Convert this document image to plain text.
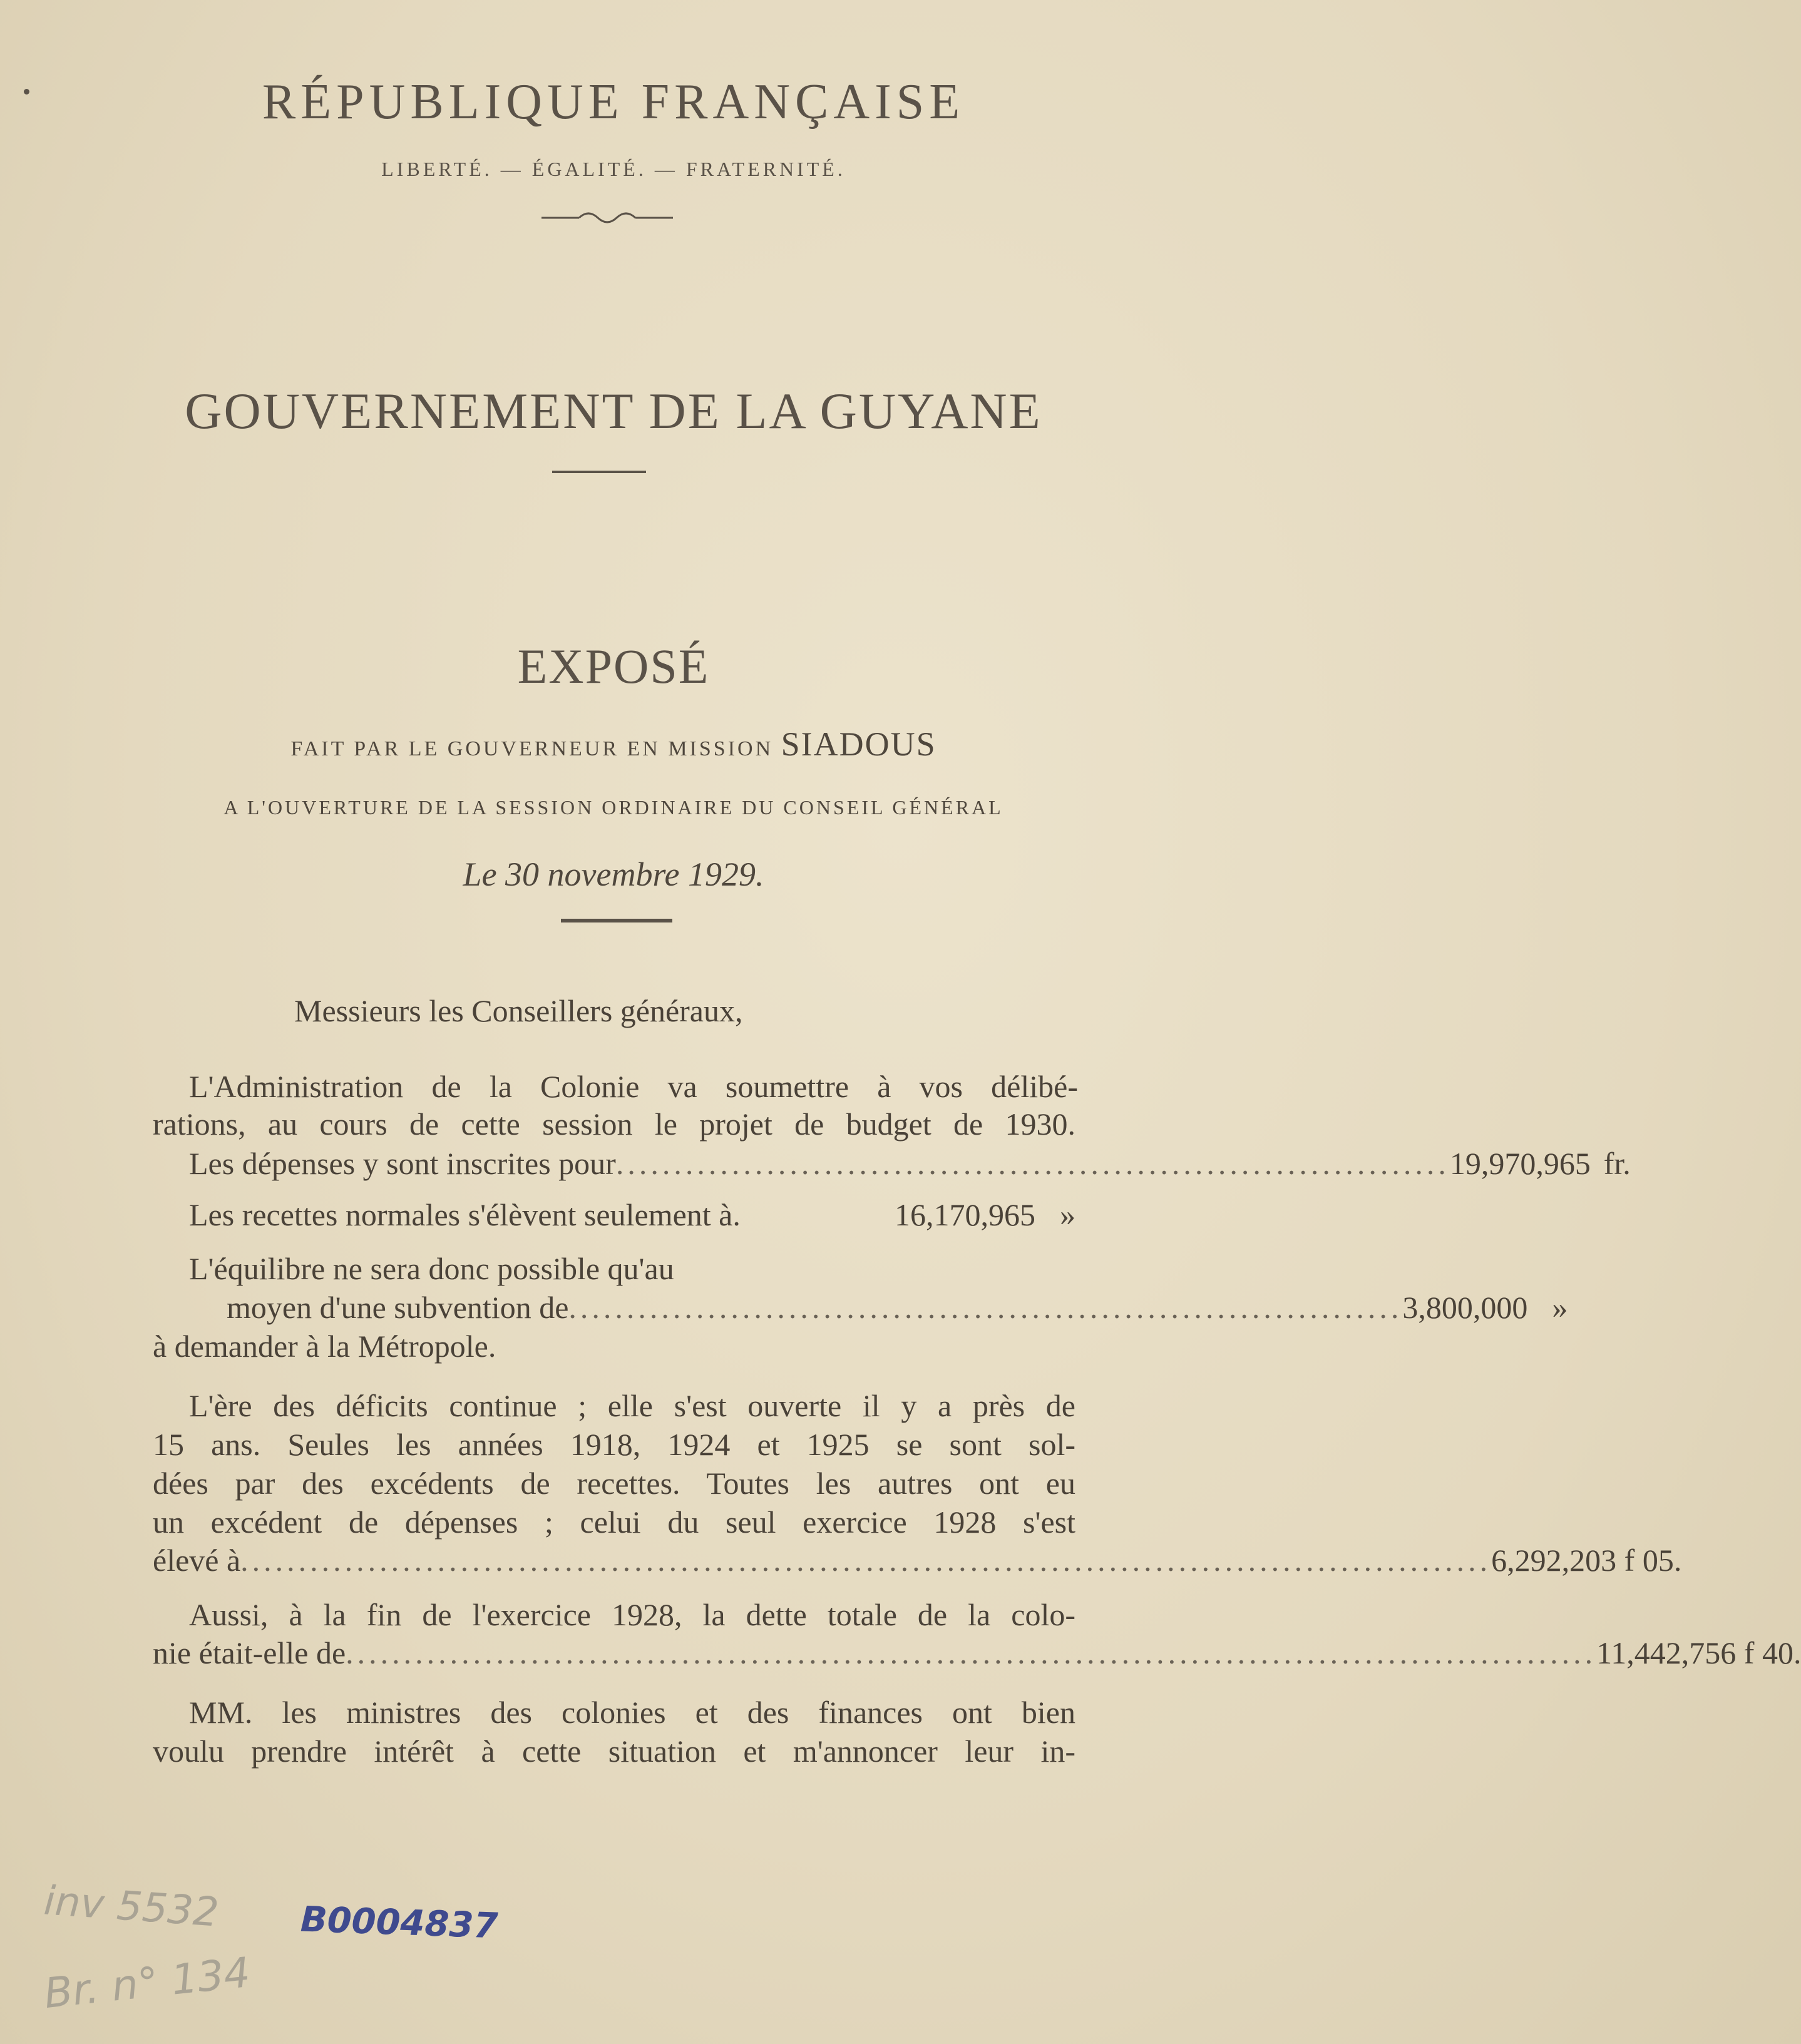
RÉPUBLIQUE FRANÇAISE
LIBERTÉ. — ÉGALITÉ. — FRATERNITÉ.
GOUVERNEMENT DE LA GUYANE
EXPOSÉ
FAIT PAR LE GOUVERNEUR EN MISSION SIADOUS
A L'OUVERTURE DE LA SESSION ORDINAIRE DU CONSEIL GÉNÉRAL
Le 30 novembre 1929.
Messieurs les Conseillers généraux,
L'Administration de la Colonie va soumettre à vos délibé-
rations, au cours de cette session le projet de budget de 1930.
Les dépenses y sont inscrites pour ........................................................................ 19,970,965 fr.
Les recettes normales s'élèvent seulement à.
	16,170,965 »
L'équilibre ne sera donc possible qu'au
moyen d'une subvention de ........................................................................ 3,800,000 »
à demander à la Métropole.
L'ère des déficits continue ; elle s'est ouverte il y a près de
15 ans. Seules les années 1918, 1924 et 1925 se sont sol-
dées par des excédents de recettes. Toutes les autres ont eu
un excédent de dépenses ; celui du seul exercice 1928 s'est
élevé à ............................................................................................................ 6,292,203 f 05.
Aussi, à la fin de l'exercice 1928, la dette totale de la colo-
nie était-elle de ............................................................................................................ 11,442,756 f 40.
MM. les ministres des colonies et des finances ont bien
voulu prendre intérêt à cette situation et m'annoncer leur in-
inv 5532 B0004837
Br. n° 134
